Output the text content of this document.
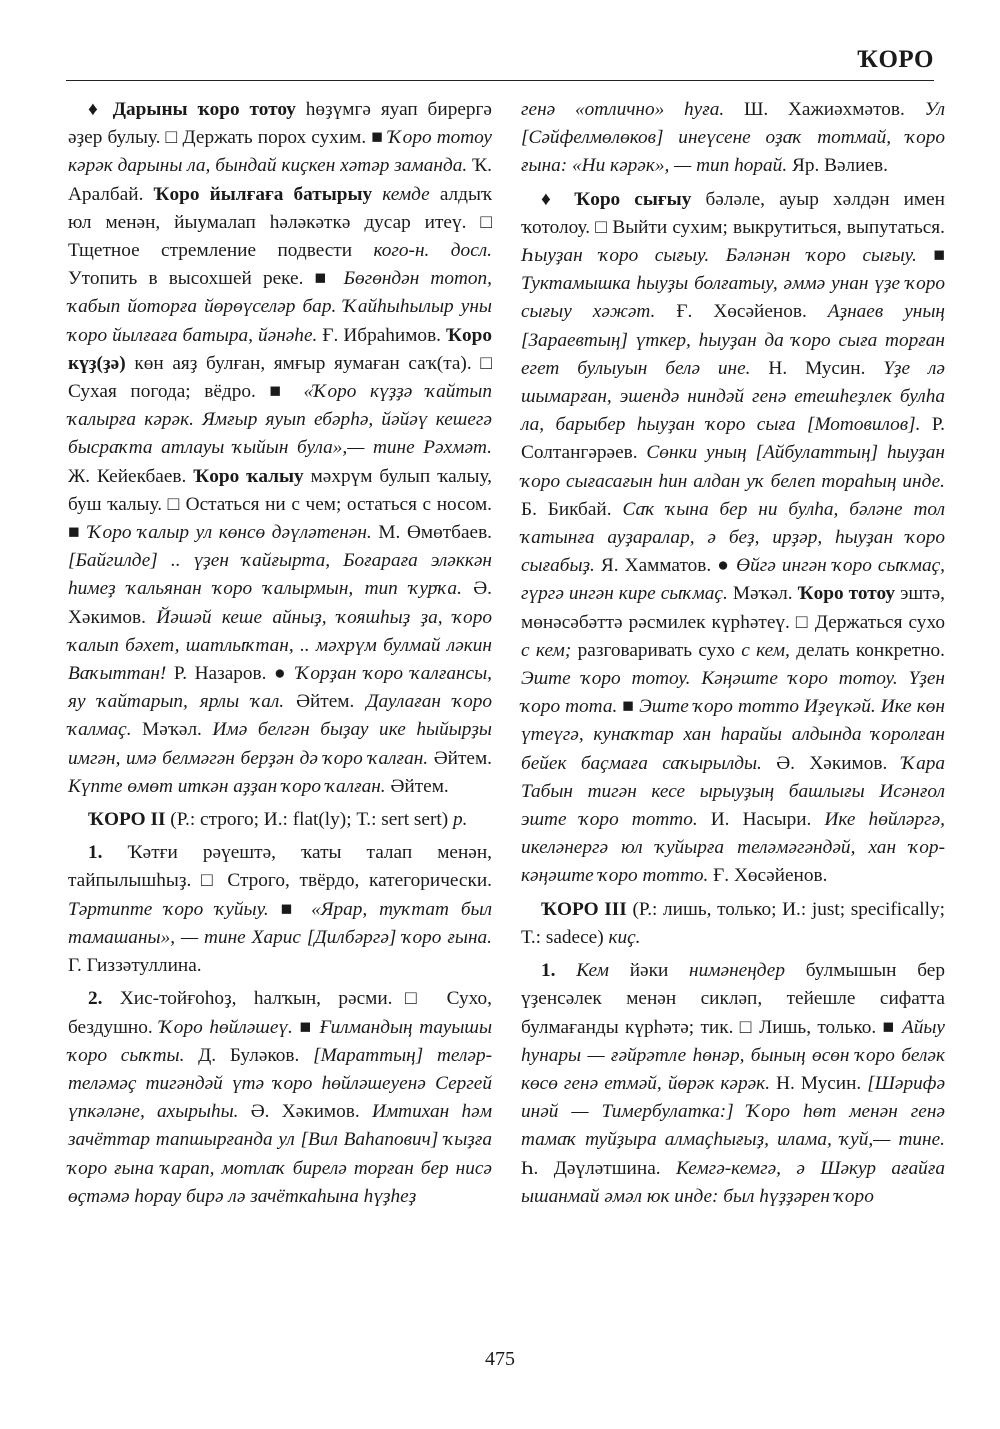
ҠОРО

♦ Дарыны ҡоро тотоу һөҙүмгә яуап бирергә әҙер булыу. □ Держать порох сухим. ■ Ҡоро тотоу кәрәк дарыны ла, бындай киҫкен хәтәр заманда. Ҡ. Аралбай. Ҡоро йылғаға батырыу кемде алдыҡ юл менән, йыумалап һәләкәткә дусар итеү. □ Тщетное стремление подвести кого-н. досл. Утопить в высохшей реке. ■ Бөгөндән тотоп, ҡабып йоторға йөрөүселәр бар. Ҡайһыһылыр уны ҡоро йылғаға батыра, йәнәһе. Ғ. Ибраһимов. Ҡоро күҙ(ҙә) көн аяҙ булған, ямғыр яумаған саҡ(та). □ Сухая погода; вёдро. ■ «Ҡоро күҙҙә ҡайтып ҡалырға кәрәк. Ямғыр яуып ебәрһә, йәйәү кешегә бысраҡта атлауы ҡыйын була»,— тине Рәхмәт. Ж. Кейекбаев. Ҡоро ҡалыу мәхрүм булып ҡалыу, буш ҡалыу. □ Остаться ни с чем; остаться с носом. ■ Ҡоро ҡалыр ул көнсө дәүләтенән. М. Өмөтбаев. [Байгилде] .. үҙен ҡайғырта, Боғараға эләккән һимеҙ ҡальянан ҡоро ҡалырмын, тип ҡурҡа. Ә. Хәкимов. Йәшәй кеше айныҙ, ҡояшһыҙ ҙа, ҡоро ҡалып бәхет, шатлыҡтан, .. мәхрүм булмай ләкин Ваҡыттан! Р. Назаров. ● Ҡорҙан ҡоро ҡалғансы, яу ҡайтарып, ярлы ҡал. Әйтем. Даулаған ҡоро ҡалмаҫ. Мәҡәл. Имә белгән быҙау ике һыйырҙы имгән, имә белмәгән берҙән дә ҡоро ҡалған. Әйтем. Күпте өмөт иткән аҙҙан ҡоро ҡалған. Әйтем.

ҠОРО II (Р.: строго; И.: flat(ly); Т.: sert sert) р.

1. Ҡәтғи рәүештә, ҡаты талап менән, тайпылышһыҙ. □ Строго, твёрдо, категорически. Тәртипте ҡоро ҡуйыу. ■ «Ярар, туҡтат был тамашаны», — тине Харис [Дилбәргә] ҡоро ғына. Г. Гиззәтуллина.

2. Хис-тойғоһоҙ, һалҡын, рәсми.□ Сухо, бездушно. Ҡоро һөйләшеү. ■ Ғилмандың тауышы ҡоро сыҡты. Д. Буләков. [Мараттың] теләр-теләмәҫ тигәндәй үтә ҡоро һөйләшеуенә Сергей үпкәләне, ахырыһы. Ә. Хәкимов. Имтихан һәм зачёттар тапшырғанда ул [Вил Ваһапович] ҡыҙға ҡоро ғына ҡарап, мотлаҡ бирелә торған бер нисә өҫтәмә һорау бирә лә зачёткаһына һүҙһеҙ

генә «отлично» һуға. Ш. Хажиәхмәтов. Ул [Сәйфелмөлөков] инеүсене оҙаҡ тотмай, ҡоро ғына: «Ни кәрәк», — тип һорай. Яр. Вәлиев.

♦ Ҡоро сығыу бәләле, ауыр хәлдән имен ҡотолоу. □ Выйти сухим; выкрутиться, выпутаться. Һыуҙан ҡоро сығыу. Бәләнән ҡоро сығыу. ■ Туктамышка һыуҙы болғатыу, әммә унан үҙе ҡоро сығыу хәжәт. Ғ. Хөсәйенов. Аҙнаев уның [Зараевтың] үткер, һыуҙан да ҡоро сыға торған егет булыуын белә ине. Н. Мусин. Үҙе лә шымарған, эшендә ниндәй генә етешһеҙлек булһа ла, барыбер һыуҙан ҡоро сыға [Мотовилов]. Р. Солтангәрәев. Сөнки уның [Айбулаттың] һыуҙан ҡоро сығасағын һин алдан уҡ белеп тораһың инде. Б. Бикбай. Саҡ ҡына бер ни булһа, бәләне тол ҡатынға ауҙаралар, ә беҙ, ирҙәр, һыуҙан ҡоро сығабыҙ. Я. Хамматов. ● Өйгә ингән ҡоро сыҡмаҫ, гүргә ингән кире сыҡмаҫ. Мәҡәл. Ҡоро тотоу эштә, мөнәсәбәттә рәсмилек күрһәтеү. □ Держаться сухо с кем; разговаривать сухо с кем, делать конкретно. Эште ҡоро тотоу. Кәңәште ҡоро тотоу. Үҙен ҡоро тота. ■ Эште ҡоро тотто Иҙеүкәй. Ике көн үтеүгә, кунаҡтар хан һарайы алдында ҡоролған бейек баҫмаға саҡырылды. Ә. Хәкимов. Ҡара Табын тигән кесе ырыуҙың башлығы Исәнғол эште ҡоро тотто. И. Насыри. Ике һөйләргә, икеләнергә юл ҡуйырға теләмәгәндәй, хан ҡор-кәңәште ҡоро тотто. Ғ. Хөсәйенов.

ҠОРО III (Р.: лишь, только; И.: just; specifically; Т.: sadece) киҫ.

1. Кем йәки нимәнеңдер булмышын бер үҙенсәлек менән сикләп, тейешле сифатта булмағанды күрһәтә; тик. □ Лишь, только. ■ Айыу һунары — ғәйрәтле һөнәр, бының өсөн ҡоро беләк көсө генә етмәй, йөрәк кәрәк. Н. Мусин. [Шәрифә инәй — Тимербулатка:] Ҡоро һөт менән генә тамаҡ туйҙыра алмаҫһығыҙ, илама, ҡуй,— тине. Һ. Дәүләтшина. Кемгә-кемгә, ә Шәкур ағайға ышанмай әмәл юк инде: был һүҙҙәрен ҡоро

475
